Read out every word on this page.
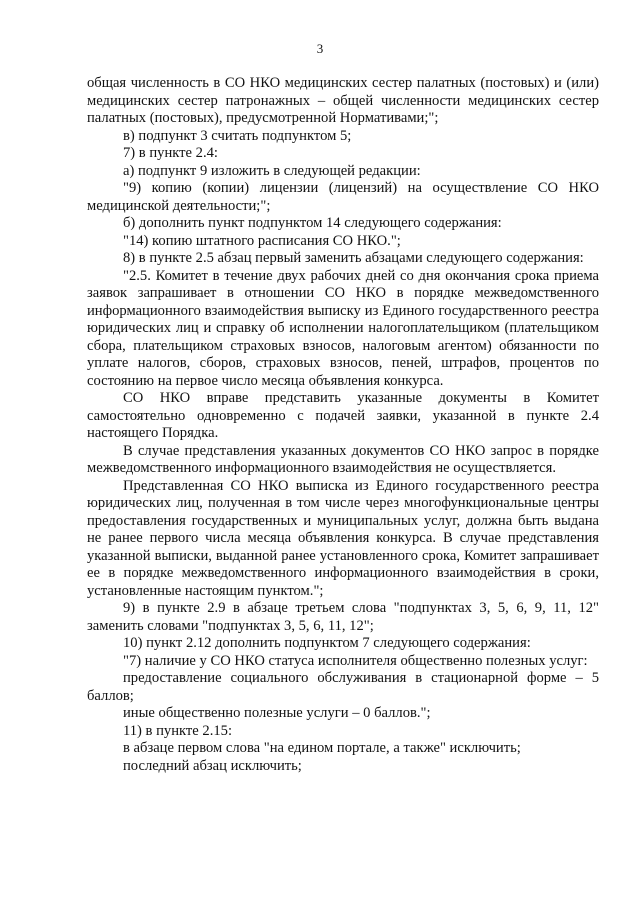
3

общая численность в СО НКО медицинских сестер палатных (постовых) и (или) медицинских сестер патронажных – общей численности медицинских сестер палатных (постовых), предусмотренной Нормативами;";

в) подпункт 3 считать подпунктом 5;

7) в пункте 2.4:

а) подпункт 9 изложить в следующей редакции:

"9) копию (копии) лицензии (лицензий) на осуществление СО НКО медицинской деятельности;";

б) дополнить пункт подпунктом 14 следующего содержания:

"14) копию штатного расписания СО НКО.";

8) в пункте 2.5 абзац первый заменить абзацами следующего содержания:

"2.5. Комитет в течение двух рабочих дней со дня окончания срока приема заявок запрашивает в отношении СО НКО в порядке межведомственного информационного взаимодействия выписку из Единого государственного реестра юридических лиц и справку об исполнении налогоплательщиком (плательщиком сбора, плательщиком страховых взносов, налоговым агентом) обязанности по уплате налогов, сборов, страховых взносов, пеней, штрафов, процентов по состоянию на первое число месяца объявления конкурса.

СО НКО вправе представить указанные документы в Комитет самостоятельно одновременно с подачей заявки, указанной в пункте 2.4 настоящего Порядка.

В случае представления указанных документов СО НКО запрос в порядке межведомственного информационного взаимодействия не осуществляется.

Представленная СО НКО выписка из Единого государственного реестра юридических лиц, полученная в том числе через многофункциональные центры предоставления государственных и муниципальных услуг, должна быть выдана не ранее первого числа месяца объявления конкурса. В случае представления указанной выписки, выданной ранее установленного срока, Комитет запрашивает ее в порядке межведомственного информационного взаимодействия в сроки, установленные настоящим пунктом.";

9) в пункте 2.9 в абзаце третьем слова "подпунктах 3, 5, 6, 9, 11, 12" заменить словами "подпунктах 3, 5, 6, 11, 12";

10) пункт 2.12 дополнить подпунктом 7 следующего содержания:

"7) наличие у СО НКО статуса исполнителя общественно полезных услуг:

предоставление социального обслуживания в стационарной форме – 5 баллов;

иные общественно полезные услуги – 0 баллов.";

11) в пункте 2.15:

в абзаце первом слова "на едином портале, а также" исключить;

последний абзац исключить;
